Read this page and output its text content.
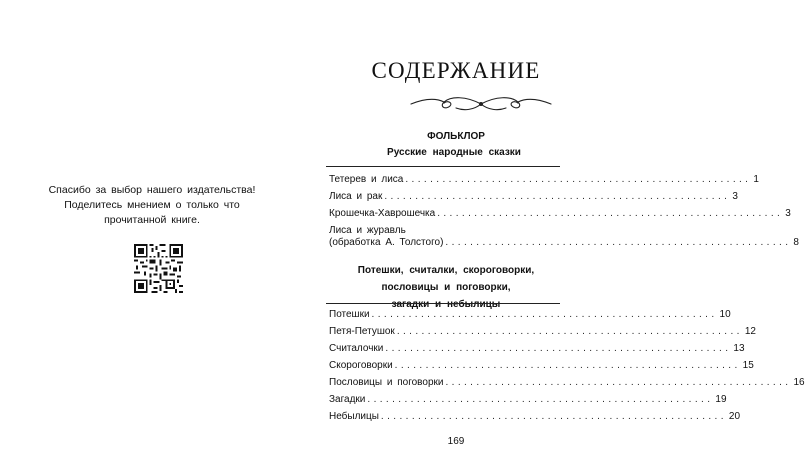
Спасибо за выбор нашего издательства!
Поделитесь мнением о только что
прочитанной книге.
СОДЕРЖАНИЕ
ФОЛЬКЛОР
Русские народные сказки
Тетерев и лиса ........................................................ 1
Лиса и рак ........................................................ 3
Крошечка-Хаврошечка ........................................................ 3
Лиса и журавль
(обработка А. Толстого) ........................................................ 8
Потешки, считалки, скороговорки,
пословицы и поговорки,
загадки и небылицы
Потешки ........................................................ 10
Петя-Петушок ........................................................ 12
Считалочки ........................................................ 13
Скороговорки ........................................................ 15
Пословицы и поговорки ........................................................ 16
Загадки ........................................................ 19
Небылицы ........................................................ 20
169
